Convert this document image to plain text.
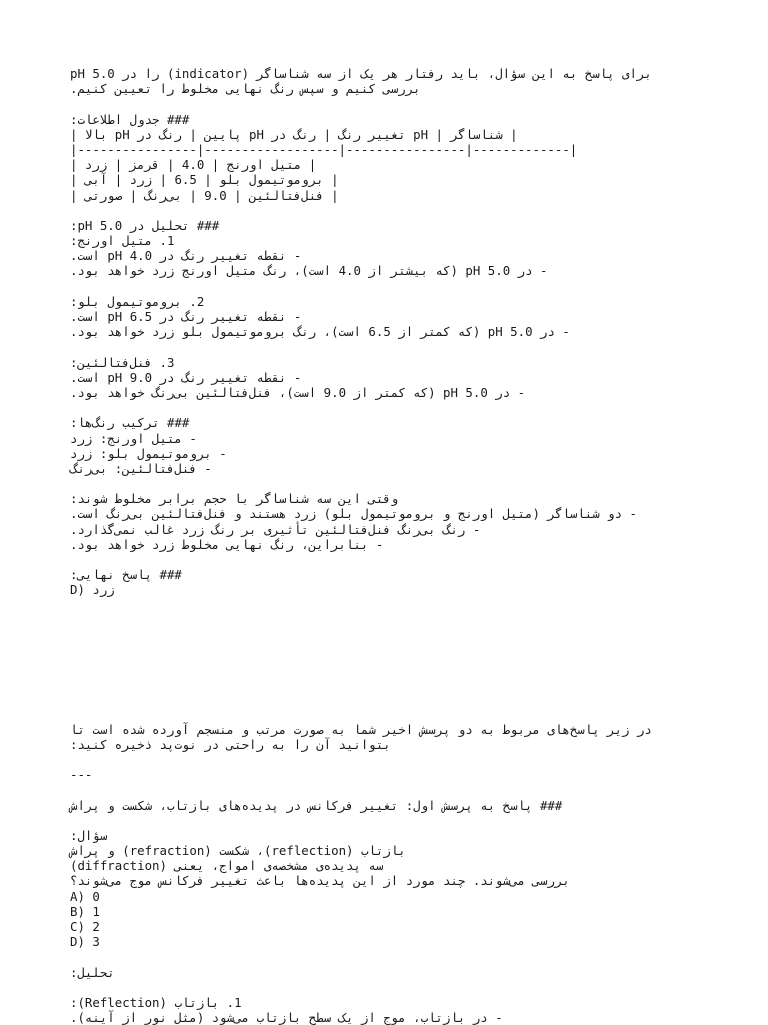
برای پاسخ به این سؤال، باید رفتار هر یک از سه شناساگر (indicator) را در pH 5.0
بررسی کنیم و سپس رنگ نهایی مخلوط را تعیین کنیم.
### جدول اطلاعات:
| شناساگر | pH تغییر رنگ | رنگ در pH پایین | رنگ در pH بالا |
|----------------|------------------|----------------|-------------|
| متیل اورنج | 4.0 | قرمز | زرد |
| بروموتیمول بلو | 6.5 | زرد | آبی |
| فنل‌فتالئین | 9.0 | بی‌رنگ | صورتی |
### تحلیل در pH 5.0:
1. متیل اورنج:
- نقطه تغییر رنگ در pH 4.0 است.
- در pH 5.0 (که بیشتر از 4.0 است)، رنگ متیل اورنج زرد خواهد بود.
2. بروموتیمول بلو:
- نقطه تغییر رنگ در pH 6.5 است.
- در pH 5.0 (که کمتر از 6.5 است)، رنگ بروموتیمول بلو زرد خواهد بود.
3. فنل‌فتالئین:
- نقطه تغییر رنگ در pH 9.0 است.
- در pH 5.0 (که کمتر از 9.0 است)، فنل‌فتالئین بی‌رنگ خواهد بود.
### ترکیب رنگ‌ها:
- متیل اورنج: زرد
- بروموتیمول بلو: زرد
- فنل‌فتالئین: بی‌رنگ
وقتی این سه شناساگر با حجم برابر مخلوط شوند:
- دو شناساگر (متیل اورنج و بروموتیمول بلو) زرد هستند و فنل‌فتالئین بی‌رنگ است.
- رنگ بی‌رنگ فنل‌فتالئین تأثیری بر رنگ زرد غالب نمی‌گذارد.
- بنابراین، رنگ نهایی مخلوط زرد خواهد بود.
### پاسخ نهایی:
D) زرد
در زیر پاسخ‌های مربوط به دو پرسش اخیر شما به صورت مرتب و منسجم آورده شده است تا
بتوانید آن را به راحتی در نوت‌پد ذخیره کنید:
---
### پاسخ به پرسش اول: تغییر فرکانس در پدیده‌های بازتاب، شکست و پراش
سؤال:
بازتاب (reflection)، شکست (refraction) و پراش
(diffraction) سه پدیده‌ی مشخصه‌ی امواج، یعنی
بررسی می‌شوند. چند مورد از این پدیده‌ها باعث تغییر فرکانس موج می‌شوند؟
A) 0
B) 1
C) 2
D) 3
تحلیل:
1. بازتاب (Reflection):
- در بازتاب، موج از یک سطح بازتاب می‌شود (مثل نور از آینه).
